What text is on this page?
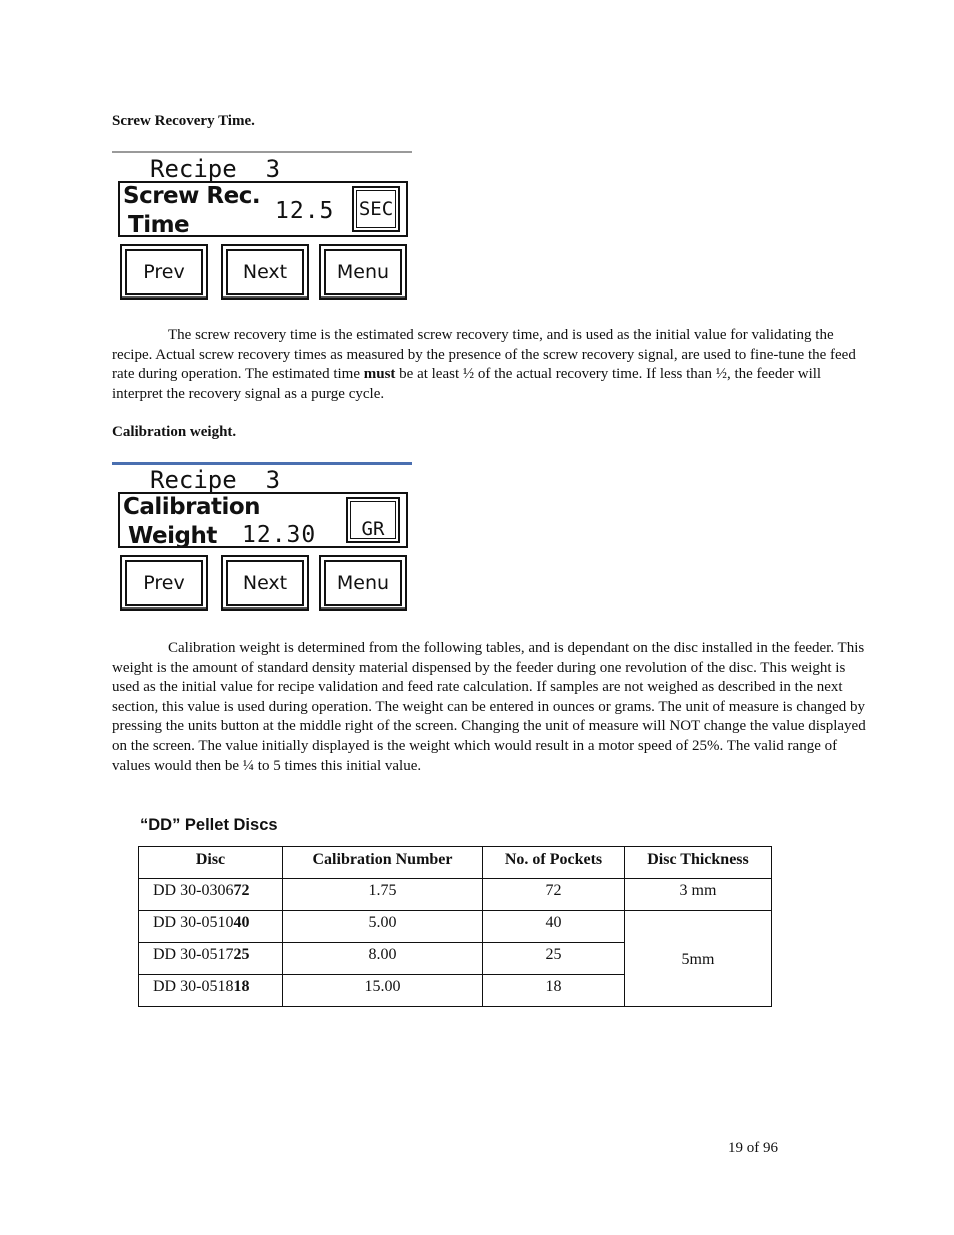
Screw Recovery Time.
Recipe  3
Screw Rec.
Time
12.5 SEC
Prev	Next	Menu
The screw recovery time is the estimated screw recovery time, and is used as the initial value for validating the recipe. Actual screw recovery times as measured by the presence of the screw recovery signal, are used to fine-tune the feed rate during operation. The estimated time must be at least ½ of the actual recovery time. If less than ½, the feeder will interpret the recovery signal as a purge cycle.
Calibration weight.
Recipe  3
Calibration
Weight 12.30 GR
Prev	Next	Menu
Calibration weight is determined from the following tables, and is dependant on the disc installed in the feeder. This weight is the amount of standard density material dispensed by the feeder during one revolution of the disc. This weight is used as the initial value for recipe validation and feed rate calculation. If samples are not weighed as described in the next section, this value is used during operation. The weight can be entered in ounces or grams. The unit of measure is changed by pressing the units button at the middle right of the screen. Changing the unit of measure will NOT change the value displayed on the screen. The value initially displayed is the weight which would result in a motor speed of 25%. The valid range of values would then be ¼ to 5 times this initial value.
“DD” Pellet Discs
Disc	Calibration Number	No. of Pockets	Disc Thickness
DD 30-030672	1.75	72	3 mm
DD 30-051040	5.00	40	5mm
DD 30-051725	8.00	25	
DD 30-051818	15.00	18	
19 of 96
